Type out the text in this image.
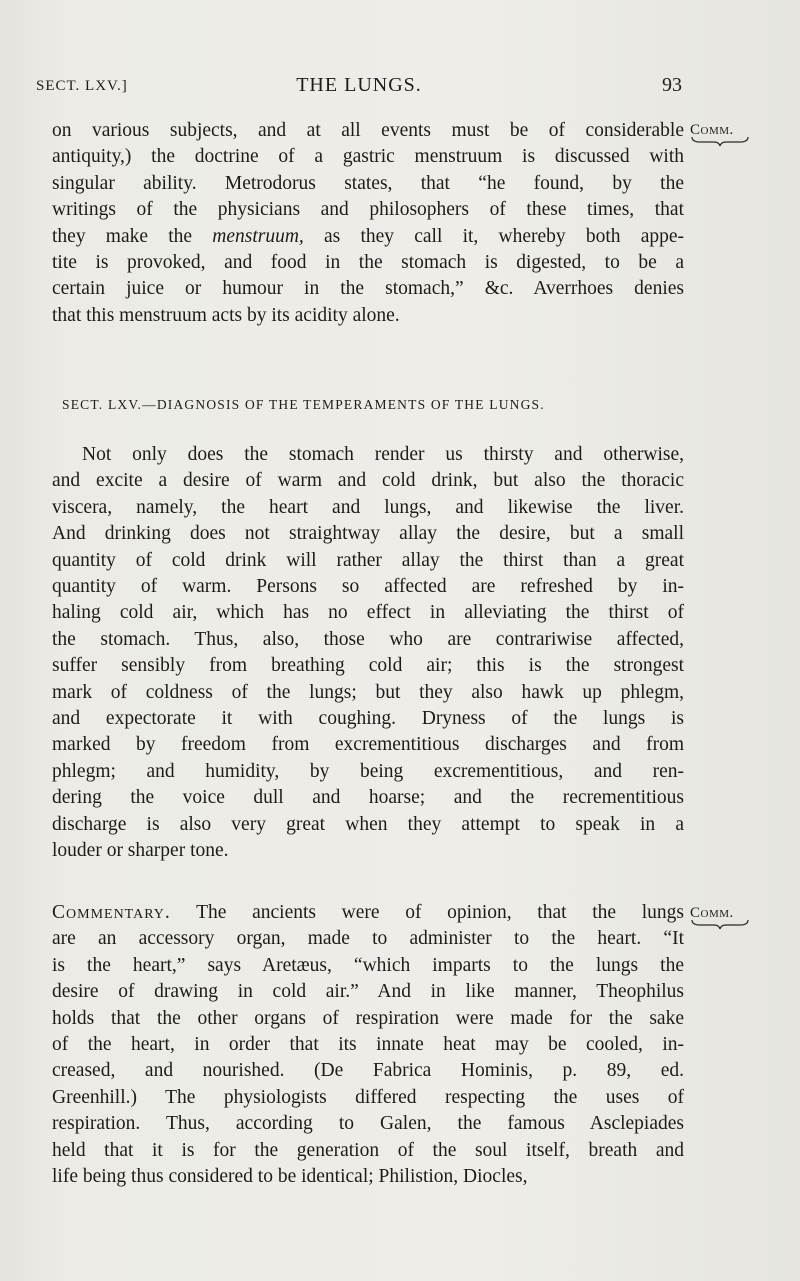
SECT. LXV.]	THE LUNGS.	93
Comm.
on various subjects, and at all events must be of considerable
antiquity,) the doctrine of a gastric menstruum is discussed with
singular ability. Metrodorus states, that “he found, by the
writings of the physicians and philosophers of these times, that
they make the menstruum, as they call it, whereby both appe-
tite is provoked, and food in the stomach is digested, to be a
certain juice or humour in the stomach,” &c. Averrhoes denies
that this menstruum acts by its acidity alone.
SECT. LXV.—DIAGNOSIS OF THE TEMPERAMENTS OF THE LUNGS.
Not only does the stomach render us thirsty and otherwise,
and excite a desire of warm and cold drink, but also the thoracic
viscera, namely, the heart and lungs, and likewise the liver.
And drinking does not straightway allay the desire, but a small
quantity of cold drink will rather allay the thirst than a great
quantity of warm. Persons so affected are refreshed by in-
haling cold air, which has no effect in alleviating the thirst of
the stomach. Thus, also, those who are contrariwise affected,
suffer sensibly from breathing cold air; this is the strongest
mark of coldness of the lungs; but they also hawk up phlegm,
and expectorate it with coughing. Dryness of the lungs is
marked by freedom from excrementitious discharges and from
phlegm; and humidity, by being excrementitious, and ren-
dering the voice dull and hoarse; and the recrementitious
discharge is also very great when they attempt to speak in a
louder or sharper tone.
Comm.
Commentary. The ancients were of opinion, that the lungs
are an accessory organ, made to administer to the heart. “It
is the heart,” says Aretæus, “which imparts to the lungs the
desire of drawing in cold air.” And in like manner, Theophilus
holds that the other organs of respiration were made for the sake
of the heart, in order that its innate heat may be cooled, in-
creased, and nourished. (De Fabrica Hominis, p. 89, ed.
Greenhill.) The physiologists differed respecting the uses of
respiration. Thus, according to Galen, the famous Asclepiades
held that it is for the generation of the soul itself, breath and
life being thus considered to be identical; Philistion, Diocles,
